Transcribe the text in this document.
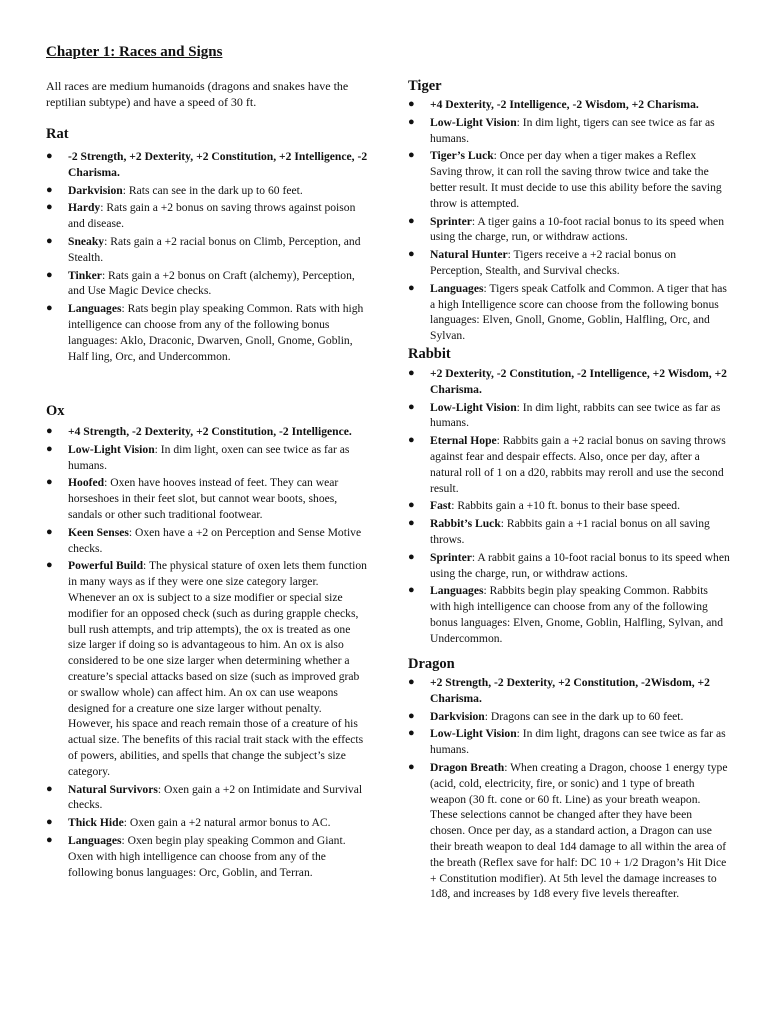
Chapter 1: Races and Signs

All races are medium humanoids (dragons and snakes have the reptilian subtype) and have a speed of 30 ft.

Rat
● -2 Strength, +2 Dexterity, +2 Constitution, +2 Intelligence, -2 Charisma.
● Darkvision: Rats can see in the dark up to 60 feet.
● Hardy: Rats gain a +2 bonus on saving throws against poison and disease.
● Sneaky: Rats gain a +2 racial bonus on Climb, Perception, and Stealth.
● Tinker: Rats gain a +2 bonus on Craft (alchemy), Perception, and Use Magic Device checks.
● Languages: Rats begin play speaking Common. Rats with high intelligence can choose from any of the following bonus languages: Aklo, Draconic, Dwarven, Gnoll, Gnome, Goblin, Half ling, Orc, and Undercommon.
Ox
● +4 Strength, -2 Dexterity, +2 Constitution, -2 Intelligence.
● Low-Light Vision: In dim light, oxen can see twice as far as humans.
● Hoofed: Oxen have hooves instead of feet. They can wear horseshoes in their feet slot, but cannot wear boots, shoes, sandals or other such traditional footwear.
● Keen Senses: Oxen have a +2 on Perception and Sense Motive checks.
● Powerful Build: The physical stature of oxen lets them function in many ways as if they were one size category larger. Whenever an ox is subject to a size modifier or special size modifier for an opposed check (such as during grapple checks, bull rush attempts, and trip attempts), the ox is treated as one size larger if doing so is advantageous to him. An ox is also considered to be one size larger when determining whether a creature’s special attacks based on size (such as improved grab or swallow whole) can affect him. An ox can use weapons designed for a creature one size larger without penalty. However, his space and reach remain those of a creature of his actual size. The benefits of this racial trait stack with the effects of powers, abilities, and spells that change the subject’s size category.
● Natural Survivors: Oxen gain a +2 on Intimidate and Survival checks.
● Thick Hide: Oxen gain a +2 natural armor bonus to AC.
● Languages: Oxen begin play speaking Common and Giant. Oxen with high intelligence can choose from any of the following bonus languages: Orc, Goblin, and Terran.
Tiger
● +4 Dexterity, -2 Intelligence, -2 Wisdom, +2 Charisma.
● Low-Light Vision: In dim light, tigers can see twice as far as humans.
● Tiger’s Luck: Once per day when a tiger makes a Reflex Saving throw, it can roll the saving throw twice and take the better result. It must decide to use this ability before the saving throw is attempted.
● Sprinter: A tiger gains a 10-foot racial bonus to its speed when using the charge, run, or withdraw actions.
● Natural Hunter: Tigers receive a +2 racial bonus on Perception, Stealth, and Survival checks.
● Languages: Tigers speak Catfolk and Common. A tiger that has a high Intelligence score can choose from the following bonus languages: Elven, Gnoll, Gnome, Goblin, Halfling, Orc, and Sylvan.
Rabbit
● +2 Dexterity, -2 Constitution, -2 Intelligence, +2 Wisdom, +2 Charisma.
● Low-Light Vision: In dim light, rabbits can see twice as far as humans.
● Eternal Hope: Rabbits gain a +2 racial bonus on saving throws against fear and despair effects. Also, once per day, after a natural roll of 1 on a d20, rabbits may reroll and use the second result.
● Fast: Rabbits gain a +10 ft. bonus to their base speed.
● Rabbit’s Luck: Rabbits gain a +1 racial bonus on all saving throws.
● Sprinter: A rabbit gains a 10-foot racial bonus to its speed when using the charge, run, or withdraw actions.
● Languages: Rabbits begin play speaking Common. Rabbits with high intelligence can choose from any of the following bonus languages: Elven, Gnome, Goblin, Halfling, Sylvan, and Undercommon.
Dragon
● +2 Strength, -2 Dexterity, +2 Constitution, -2Wisdom, +2 Charisma.
● Darkvision: Dragons can see in the dark up to 60 feet.
● Low-Light Vision: In dim light, dragons can see twice as far as humans.
● Dragon Breath: When creating a Dragon, choose 1 energy type (acid, cold, electricity, fire, or sonic) and 1 type of breath weapon (30 ft. cone or 60 ft. Line) as your breath weapon. These selections cannot be changed after they have been chosen. Once per day, as a standard action, a Dragon can use their breath weapon to deal 1d4 damage to all within the area of the breath (Reflex save for half: DC 10 + 1/2 Dragon’s Hit Dice + Constitution modifier). At 5th level the damage increases to 1d8, and increases by 1d8 every five levels thereafter.
